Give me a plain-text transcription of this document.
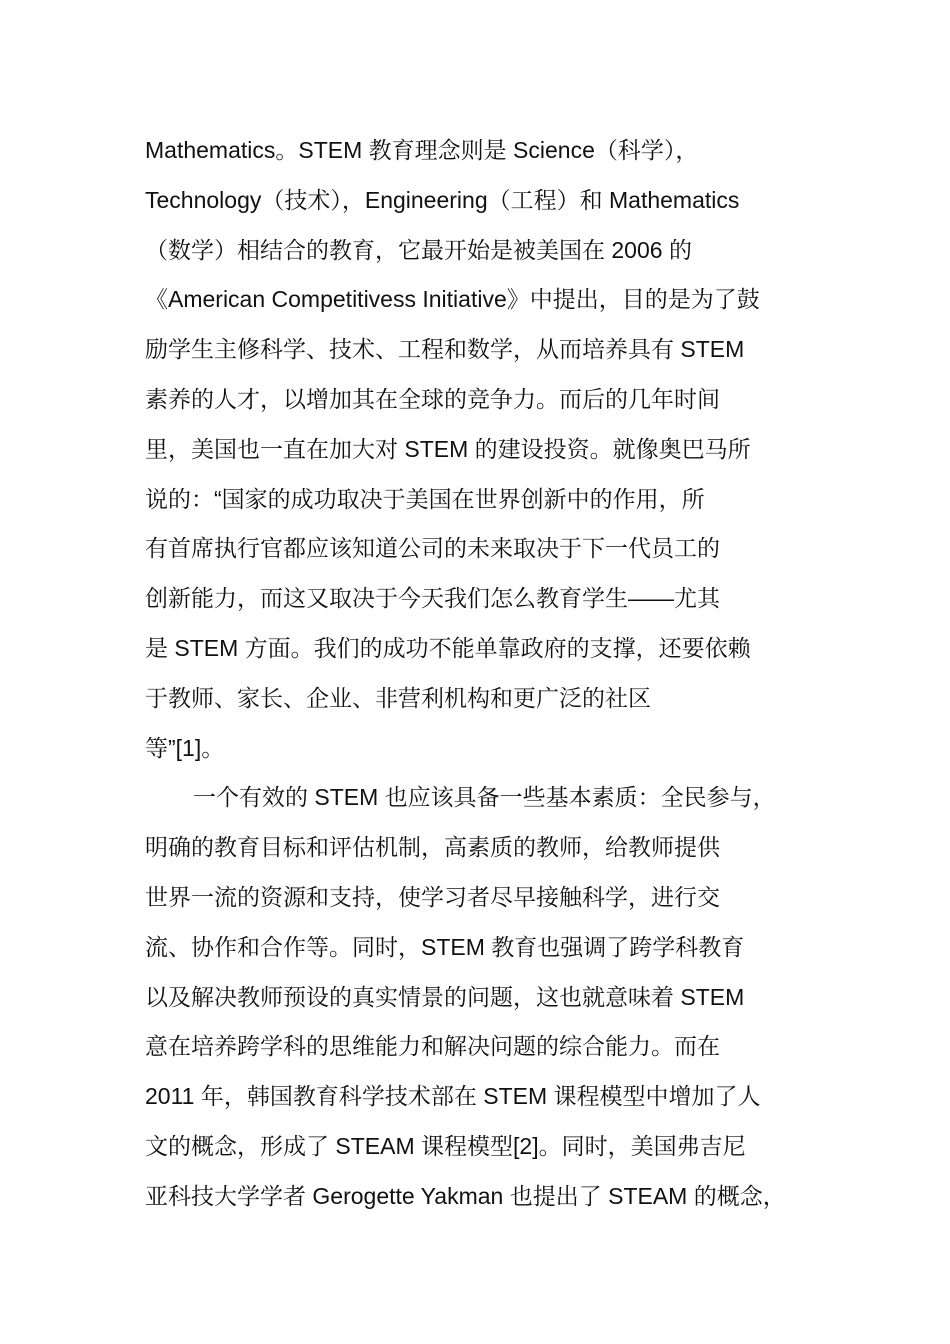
Mathematics。STEM 教育理念则是 Science（科学），
Technology（技术），Engineering（工程）和 Mathematics
（数学）相结合的教育，它最开始是被美国在 2006 的
《American Competitivess Initiative》中提出，目的是为了鼓
励学生主修科学、技术、工程和数学，从而培养具有 STEM
素养的人才，以增加其在全球的竞争力。而后的几年时间
里，美国也一直在加大对 STEM 的建设投资。就像奥巴马所
说的：“国家的成功取决于美国在世界创新中的作用，所
有首席执行官都应该知道公司的未来取决于下一代员工的
创新能力，而这又取决于今天我们怎么教育学生——尤其
是 STEM 方面。我们的成功不能单靠政府的支撑，还要依赖
于教师、家长、企业、非营利机构和更广泛的社区
等”[1]。
一个有效的 STEM 也应该具备一些基本素质：全民参与，
明确的教育目标和评估机制，高素质的教师，给教师提供
世界一流的资源和支持，使学习者尽早接触科学，进行交
流、协作和合作等。同时，STEM 教育也强调了跨学科教育
以及解决教师预设的真实情景的问题，这也就意味着 STEM
意在培养跨学科的思维能力和解决问题的综合能力。而在
2011 年，韩国教育科学技术部在 STEM 课程模型中增加了人
文的概念，形成了 STEAM 课程模型[2]。同时，美国弗吉尼
亚科技大学学者 Gerogette Yakman 也提出了 STEAM 的概念，
